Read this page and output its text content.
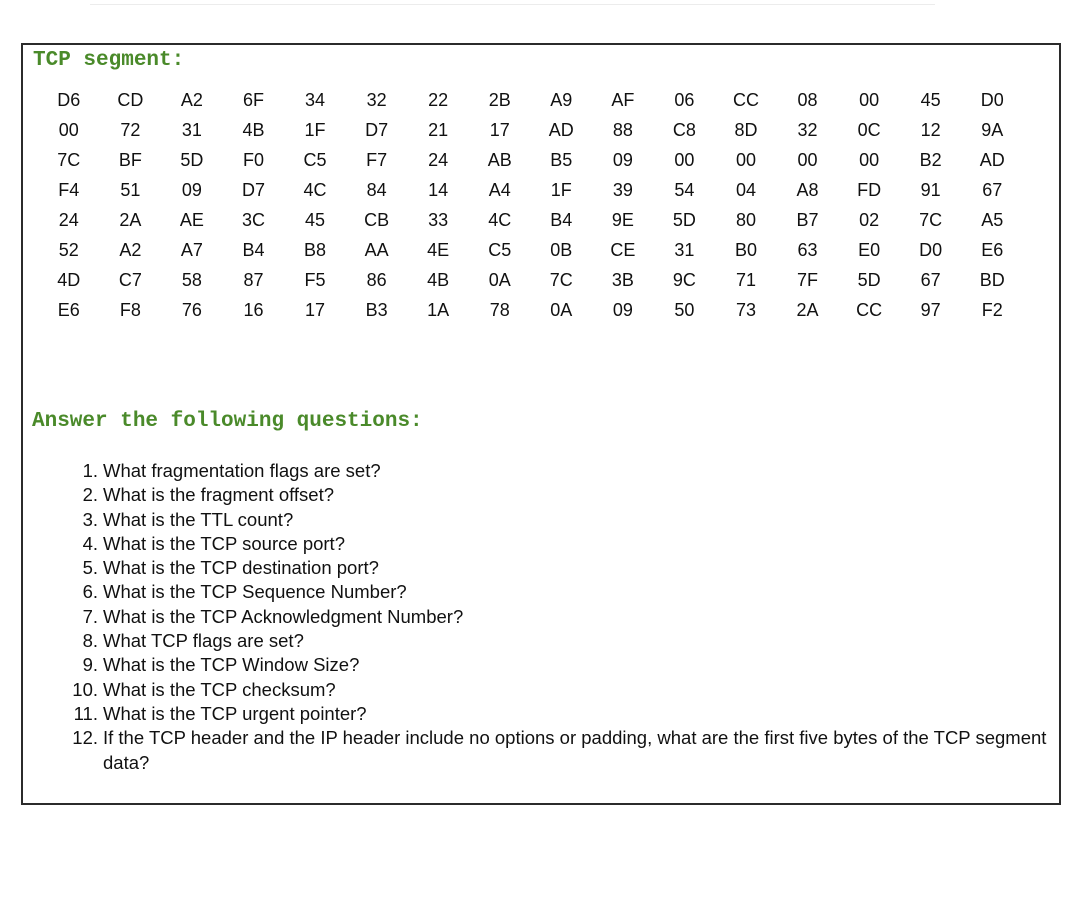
TCP segment:
D6	CD	A2	6F	34	32	22	2B	A9	AF	06	CC	08	00	45	D0
00	72	31	4B	1F	D7	21	17	AD	88	C8	8D	32	0C	12	9A
7C	BF	5D	F0	C5	F7	24	AB	B5	09	00	00	00	00	B2	AD
F4	51	09	D7	4C	84	14	A4	1F	39	54	04	A8	FD	91	67
24	2A	AE	3C	45	CB	33	4C	B4	9E	5D	80	B7	02	7C	A5
52	A2	A7	B4	B8	AA	4E	C5	0B	CE	31	B0	63	E0	D0	E6
4D	C7	58	87	F5	86	4B	0A	7C	3B	9C	71	7F	5D	67	BD
E6	F8	76	16	17	B3	1A	78	0A	09	50	73	2A	CC	97	F2
Answer the following questions:
1. What fragmentation flags are set?
2. What is the fragment offset?
3. What is the TTL count?
4. What is the TCP source port?
5. What is the TCP destination port?
6. What is the TCP Sequence Number?
7. What is the TCP Acknowledgment Number?
8. What TCP flags are set?
9. What is the TCP Window Size?
10. What is the TCP checksum?
11. What is the TCP urgent pointer?
12. If the TCP header and the IP header include no options or padding, what are the first five bytes of the TCP segment data?
